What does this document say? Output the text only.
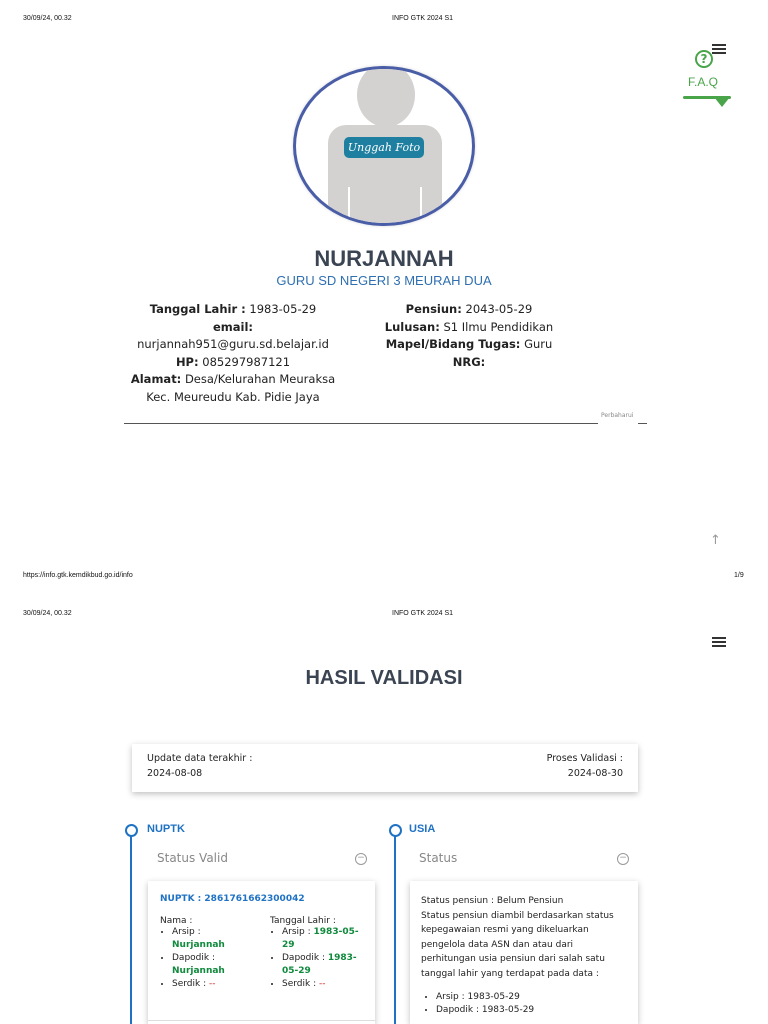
30/09/24, 00.32	INFO GTK 2024 S1
?
F.A.Q
Unggah Foto
NURJANNAH
GURU SD NEGERI 3 MEURAH DUA
Tanggal Lahir : 1983-05-29
email:
nurjannah951@guru.sd.belajar.id
HP: 085297987121
Alamat: Desa/Kelurahan Meuraksa
Kec. Meureudu Kab. Pidie Jaya
Pensiun: 2043-05-29
Lulusan: S1 Ilmu Pendidikan
Mapel/Bidang Tugas: Guru
NRG:
Perbaharui
↑
https://info.gtk.kemdikbud.go.id/info	1/9
30/09/24, 00.32	INFO GTK 2024 S1
HASIL VALIDASI
Update data terakhir :
2024-08-08
Proses Validasi :
2024-08-30
NUPTK
Status Valid	−
NUPTK : 2861761662300042
Nama :
• Arsip :
Nurjannah
• Dapodik :
Nurjannah
• Serdik : --
Tanggal Lahir :
• Arsip : 1983-05-
29
• Dapodik : 1983-
05-29
• Serdik : --
USIA
Status	−
Status pensiun : Belum Pensiun
Status pensiun diambil berdasarkan status
kepegawaian resmi yang dikeluarkan
pengelola data ASN dan atau dari
perhitungan usia pensiun dari salah satu
tanggal lahir yang terdapat pada data :
• Arsip : 1983-05-29
• Dapodik : 1983-05-29
